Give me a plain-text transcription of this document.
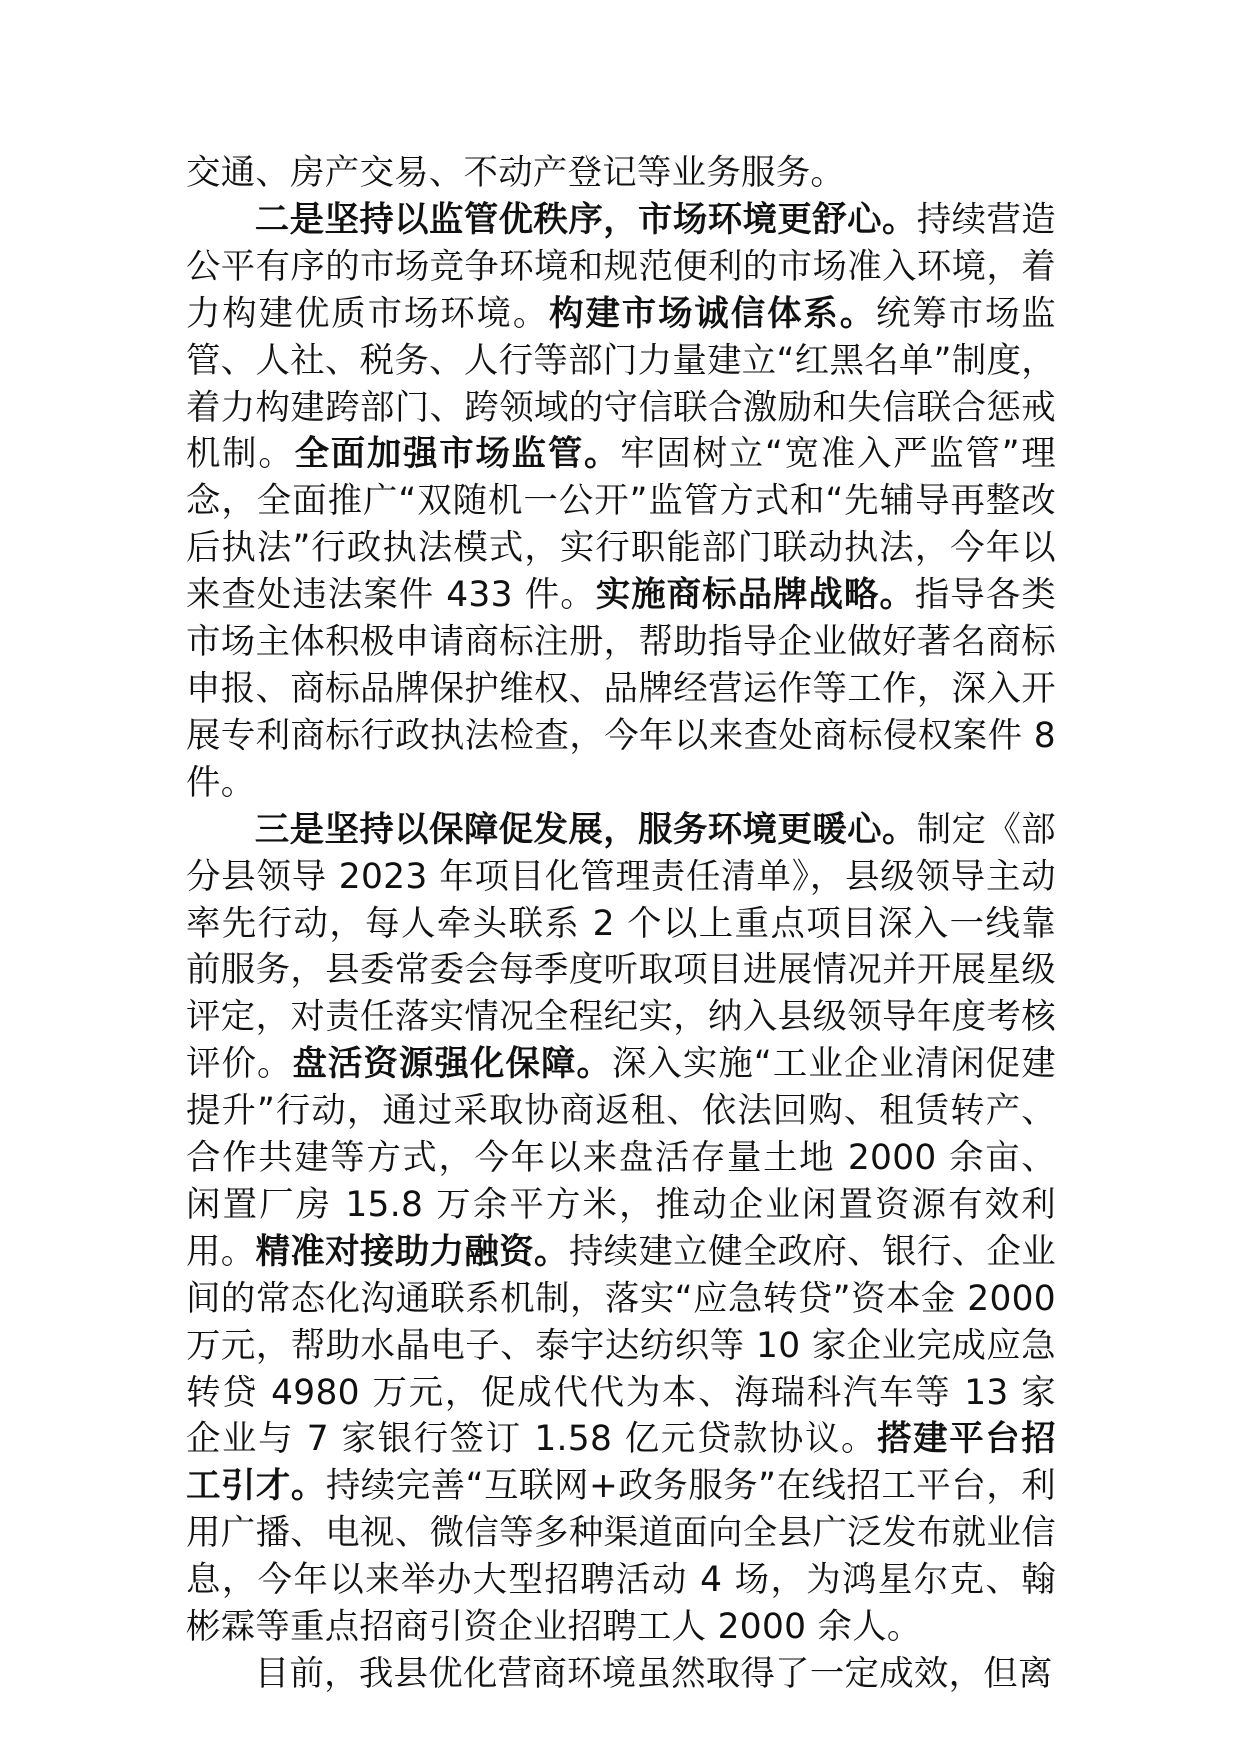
交通、房产交易、不动产登记等业务服务。

二是坚持以监管优秩序，市场环境更舒心。持续营造公平有序的市场竞争环境和规范便利的市场准入环境，着力构建优质市场环境。构建市场诚信体系。统筹市场监管、人社、税务、人行等部门力量建立“红黑名单”制度，着力构建跨部门、跨领域的守信联合激励和失信联合惩戒机制。全面加强市场监管。牢固树立“宽准入严监管”理念，全面推广“双随机一公开”监管方式和“先辅导再整改后执法”行政执法模式，实行职能部门联动执法，今年以来查处违法案件 433 件。实施商标品牌战略。指导各类市场主体积极申请商标注册，帮助指导企业做好著名商标申报、商标品牌保护维权、品牌经营运作等工作，深入开展专利商标行政执法检查，今年以来查处商标侵权案件 8 件。

三是坚持以保障促发展，服务环境更暖心。制定《部分县领导 2023 年项目化管理责任清单》，县级领导主动率先行动，每人牵头联系 2 个以上重点项目深入一线靠前服务，县委常委会每季度听取项目进展情况并开展星级评定，对责任落实情况全程纪实，纳入县级领导年度考核评价。盘活资源强化保障。深入实施“工业企业清闲促建提升”行动，通过采取协商返租、依法回购、租赁转产、合作共建等方式，今年以来盘活存量土地 2000 余亩、闲置厂房 15.8 万余平方米，推动企业闲置资源有效利用。精准对接助力融资。持续建立健全政府、银行、企业间的常态化沟通联系机制，落实“应急转贷”资本金 2000 万元，帮助水晶电子、泰宇达纺织等 10 家企业完成应急转贷 4980 万元，促成代代为本、海瑞科汽车等 13 家企业与 7 家银行签订 1.58 亿元贷款协议。搭建平台招工引才。持续完善“互联网+政务服务”在线招工平台，利用广播、电视、微信等多种渠道面向全县广泛发布就业信息，今年以来举办大型招聘活动 4 场，为鸿星尔克、翰彬霖等重点招商引资企业招聘工人 2000 余人。

目前，我县优化营商环境虽然取得了一定成效，但离
